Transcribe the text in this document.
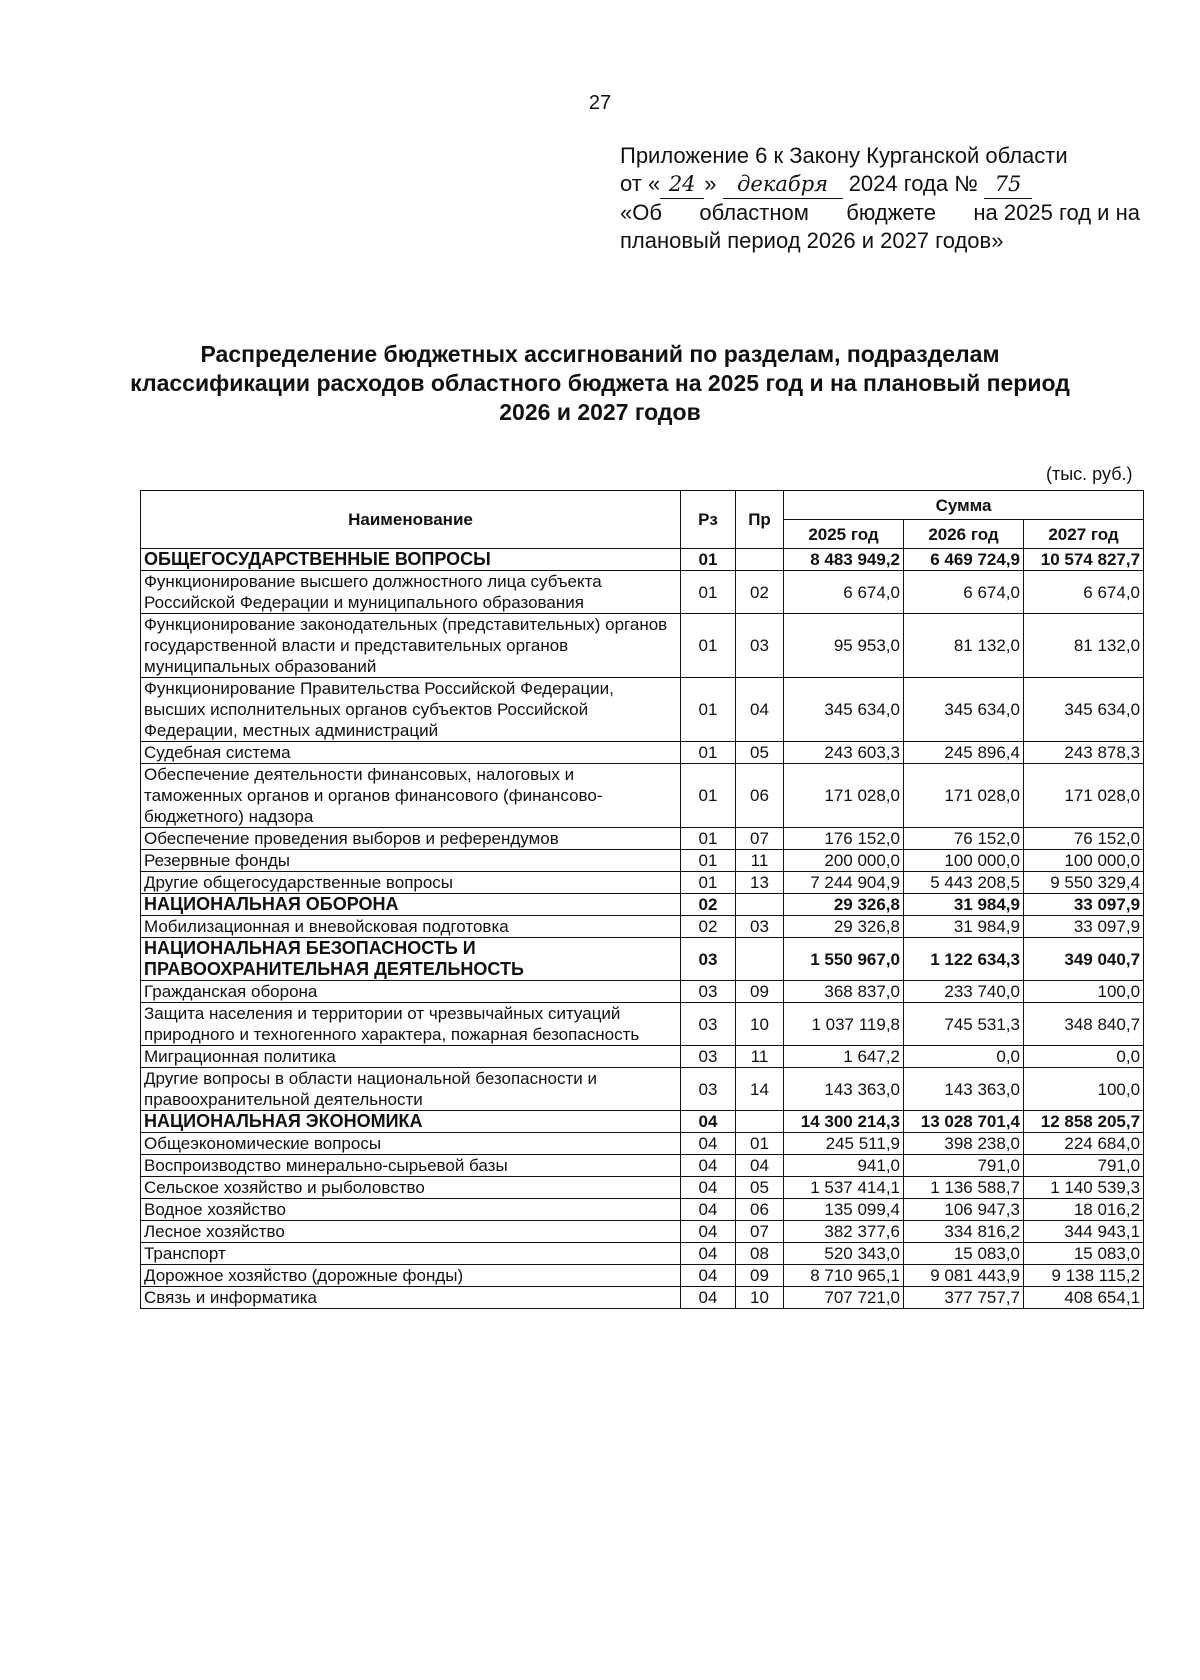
27
Приложение 6 к Закону Курганской области
от « 24 » декабря 2024 года № 75
«Об областном бюджете на 2025 год и на
плановый период 2026 и 2027 годов»
Распределение бюджетных ассигнований по разделам, подразделам классификации расходов областного бюджета на 2025 год и на плановый период 2026 и 2027 годов
(тыс. руб.)
Наименование	Рз	Пр	Сумма		
			2025 год	2026 год	2027 год
ОБЩЕГОСУДАРСТВЕННЫЕ ВОПРОСЫ	01		8 483 949,2	6 469 724,9	10 574 827,7
Функционирование высшего должностного лица субъекта Российской Федерации и муниципального образования	01	02	6 674,0	6 674,0	6 674,0
Функционирование законодательных (представительных) органов государственной власти и представительных органов муниципальных образований	01	03	95 953,0	81 132,0	81 132,0
Функционирование Правительства Российской Федерации, высших исполнительных органов субъектов Российской Федерации, местных администраций	01	04	345 634,0	345 634,0	345 634,0
Судебная система	01	05	243 603,3	245 896,4	243 878,3
Обеспечение деятельности финансовых, налоговых и таможенных органов и органов финансового (финансово-бюджетного) надзора	01	06	171 028,0	171 028,0	171 028,0
Обеспечение проведения выборов и референдумов	01	07	176 152,0	76 152,0	76 152,0
Резервные фонды	01	11	200 000,0	100 000,0	100 000,0
Другие общегосударственные вопросы	01	13	7 244 904,9	5 443 208,5	9 550 329,4
НАЦИОНАЛЬНАЯ ОБОРОНА	02		29 326,8	31 984,9	33 097,9
Мобилизационная и вневойсковая подготовка	02	03	29 326,8	31 984,9	33 097,9
НАЦИОНАЛЬНАЯ БЕЗОПАСНОСТЬ И ПРАВООХРАНИТЕЛЬНАЯ ДЕЯТЕЛЬНОСТЬ	03		1 550 967,0	1 122 634,3	349 040,7
Гражданская оборона	03	09	368 837,0	233 740,0	100,0
Защита населения и территории от чрезвычайных ситуаций природного и техногенного характера, пожарная безопасность	03	10	1 037 119,8	745 531,3	348 840,7
Миграционная политика	03	11	1 647,2	0,0	0,0
Другие вопросы в области национальной безопасности и правоохранительной деятельности	03	14	143 363,0	143 363,0	100,0
НАЦИОНАЛЬНАЯ ЭКОНОМИКА	04		14 300 214,3	13 028 701,4	12 858 205,7
Общеэкономические вопросы	04	01	245 511,9	398 238,0	224 684,0
Воспроизводство минерально-сырьевой базы	04	04	941,0	791,0	791,0
Сельское хозяйство и рыболовство	04	05	1 537 414,1	1 136 588,7	1 140 539,3
Водное хозяйство	04	06	135 099,4	106 947,3	18 016,2
Лесное хозяйство	04	07	382 377,6	334 816,2	344 943,1
Транспорт	04	08	520 343,0	15 083,0	15 083,0
Дорожное хозяйство (дорожные фонды)	04	09	8 710 965,1	9 081 443,9	9 138 115,2
Связь и информатика	04	10	707 721,0	377 757,7	408 654,1
